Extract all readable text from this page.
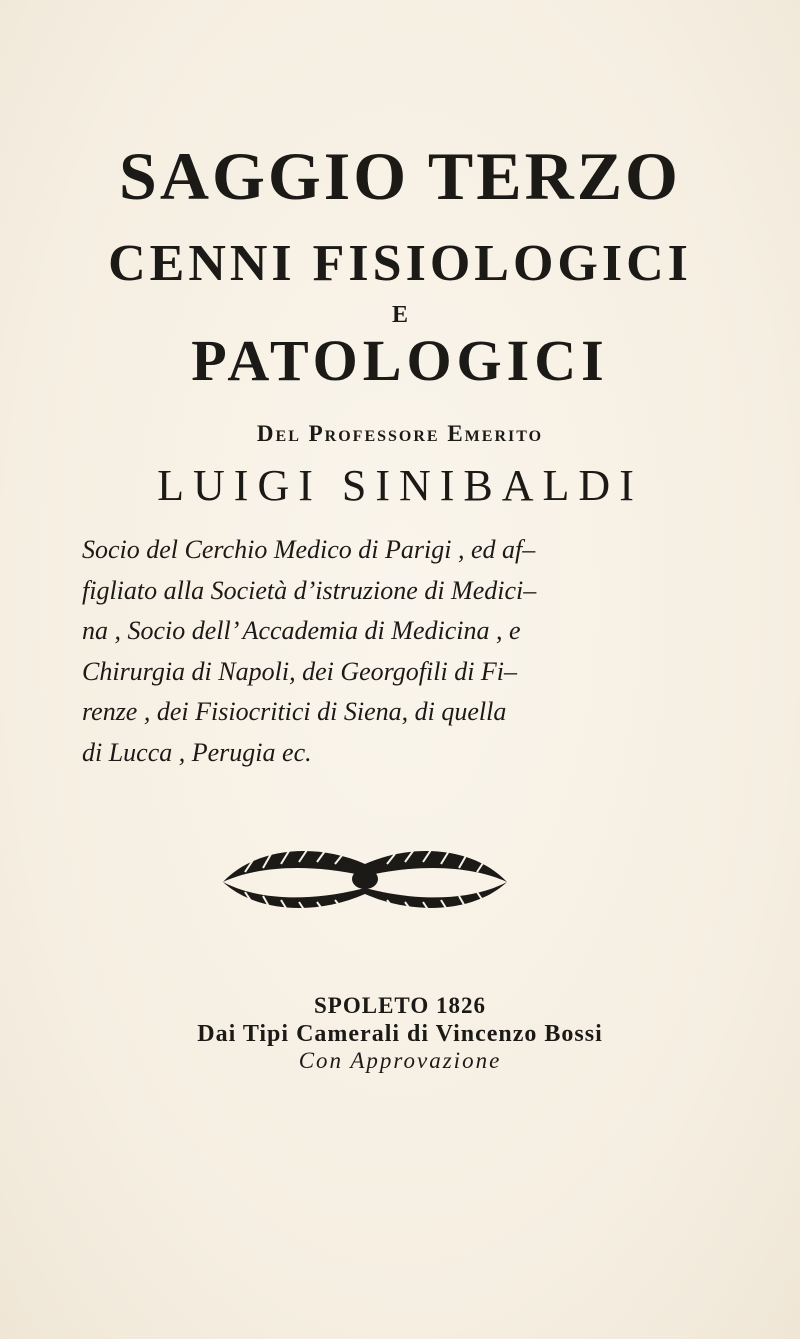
SAGGIO TERZO
CENNI FISIOLOGICI
E
PATOLOGICI
Del Professore Emerito
LUIGI SINIBALDI
Socio del Cerchio Medico di Parigi , ed af–
figliato alla Società d’istruzione di Medici–
na , Socio dell’ Accademia di Medicina , e
Chirurgia di Napoli, dei Georgofili di Fi–
renze , dei Fisiocritici di Siena, di quella
di Lucca , Perugia ec.
SPOLETO 1826
Dai Tipi Camerali di Vincenzo Bossi
Con Approvazione
